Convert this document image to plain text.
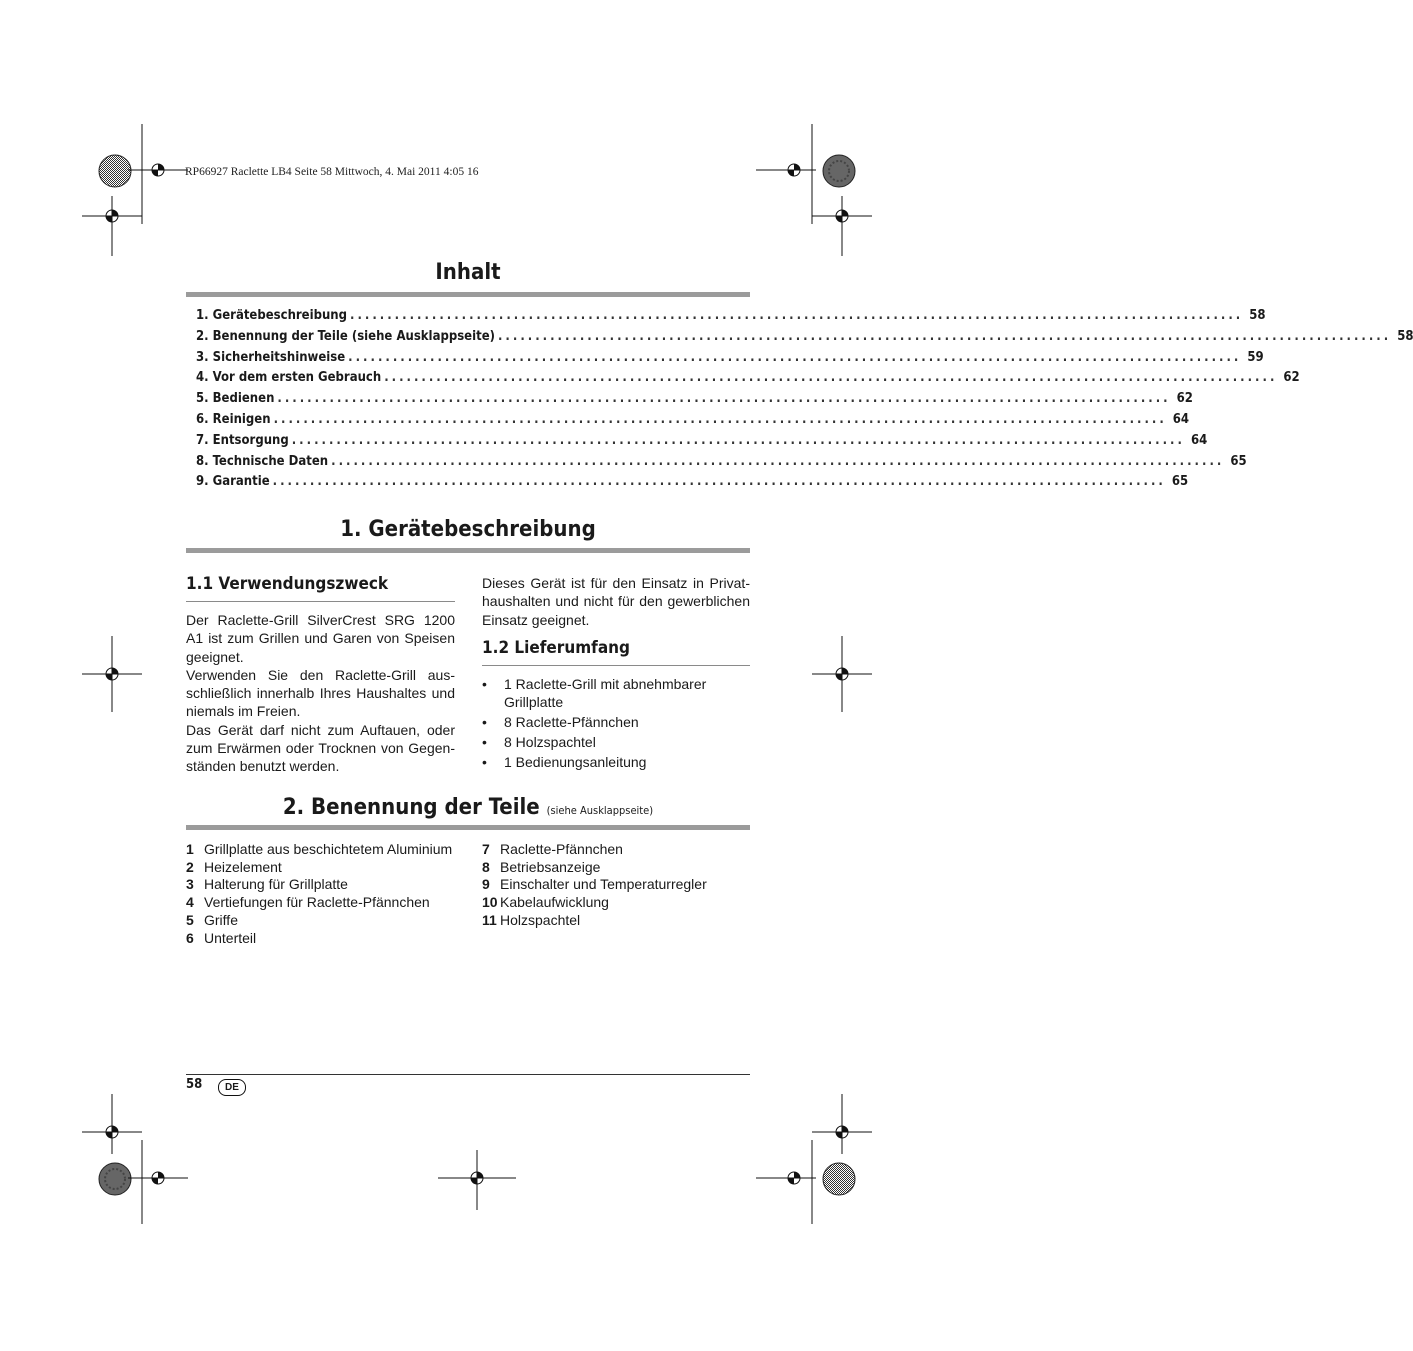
RP66927 Raclette LB4 Seite 58 Mittwoch, 4. Mai 2011 4:05 16
Inhalt
1. Gerätebeschreibung ........................................................................................................................ 58
2. Benennung der Teile (siehe Ausklappseite) ........................................................................................................................ 58
3. Sicherheitshinweise ........................................................................................................................ 59
4. Vor dem ersten Gebrauch ........................................................................................................................ 62
5. Bedienen ........................................................................................................................ 62
6. Reinigen ........................................................................................................................ 64
7. Entsorgung ........................................................................................................................ 64
8. Technische Daten ........................................................................................................................ 65
9. Garantie ........................................................................................................................ 65
1. Gerätebeschreibung
1.1 Verwendungszweck

Der Raclette-Grill SilverCrest SRG 1200 A1 ist zum Grillen und Garen von Speisen geeignet.

Verwenden Sie den Raclette-Grill aus-schließlich innerhalb Ihres Haushaltes und niemals im Freien.

Das Gerät darf nicht zum Auftauen, oder zum Erwärmen oder Trocknen von Gegen-ständen benutzt werden.

Dieses Gerät ist für den Einsatz in Privat-haushalten und nicht für den gewerblichen Einsatz geeignet.

1.2 Lieferumfang
• 1 Raclette-Grill mit abnehmbarer Grillplatte
• 8 Raclette-Pfännchen
• 8 Holzspachtel
• 1 Bedienungsanleitung
2. Benennung der Teile (siehe Ausklappseite)
1 Grillplatte aus beschichtetem Aluminium
2 Heizelement
3 Halterung für Grillplatte
4 Vertiefungen für Raclette-Pfännchen
5 Griffe
6 Unterteil
7 Raclette-Pfännchen
8 Betriebsanzeige
9 Einschalter und Temperaturregler
10 Kabelaufwicklung
11 Holzspachtel
58	DE
